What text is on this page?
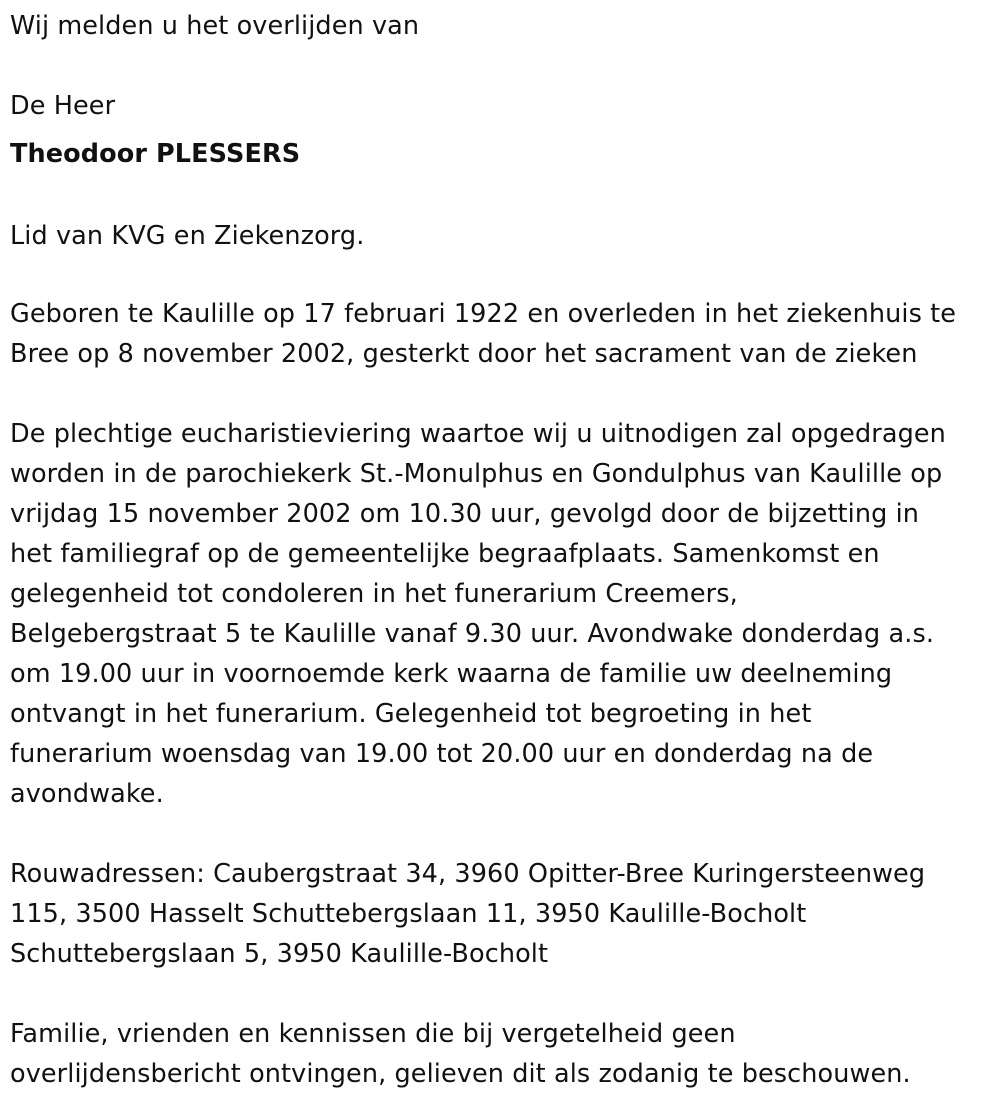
Wij melden u het overlijden van
De Heer
Theodoor PLESSERS
Lid van KVG en Ziekenzorg.
Geboren te Kaulille op 17 februari 1922 en overleden in het ziekenhuis te
Bree op 8 november 2002, gesterkt door het sacrament van de zieken
De plechtige eucharistieviering waartoe wij u uitnodigen zal opgedragen
worden in de parochiekerk St.-Monulphus en Gondulphus van Kaulille op
vrijdag 15 november 2002 om 10.30 uur, gevolgd door de bijzetting in
het familiegraf op de gemeentelijke begraafplaats. Samenkomst en
gelegenheid tot condoleren in het funerarium Creemers,
Belgebergstraat 5 te Kaulille vanaf 9.30 uur. Avondwake donderdag a.s.
om 19.00 uur in voornoemde kerk waarna de familie uw deelneming
ontvangt in het funerarium. Gelegenheid tot begroeting in het
funerarium woensdag van 19.00 tot 20.00 uur en donderdag na de
avondwake.
Rouwadressen: Caubergstraat 34, 3960 Opitter-Bree Kuringersteenweg
115, 3500 Hasselt Schuttebergslaan 11, 3950 Kaulille-Bocholt
Schuttebergslaan 5, 3950 Kaulille-Bocholt
Familie, vrienden en kennissen die bij vergetelheid geen
overlijdensbericht ontvingen, gelieven dit als zodanig te beschouwen.
